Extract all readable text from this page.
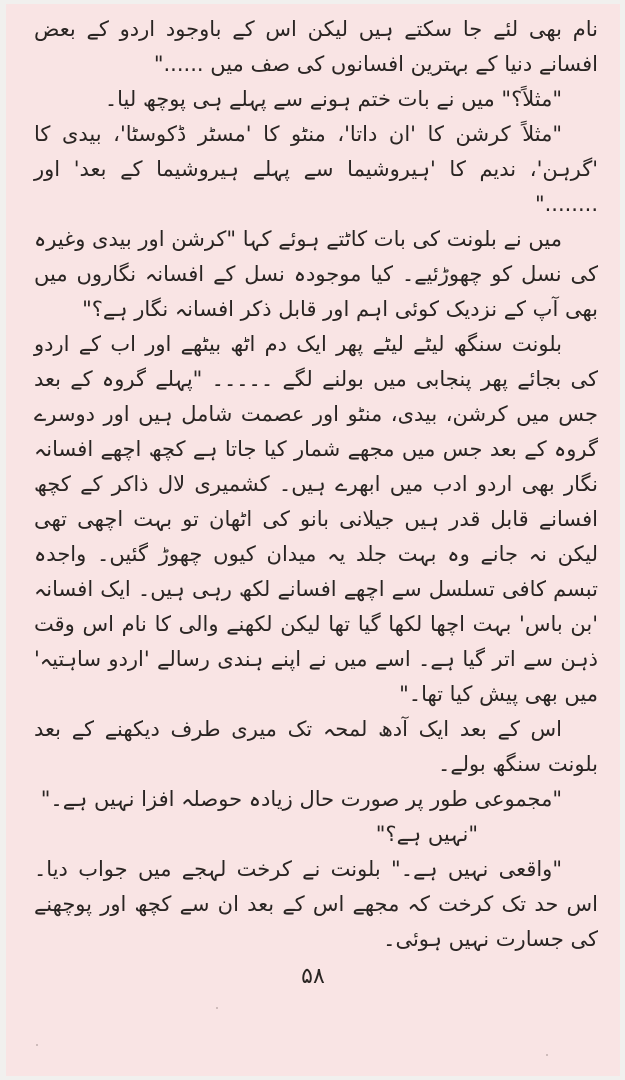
نام بھی لئے جا سکتے ہیں لیکن اس کے باوجود اردو کے بعض افسانے دنیا کے بہترین افسانوں کی صف میں ......"

"مثلاً؟" میں نے بات ختم ہونے سے پہلے ہی پوچھ لیا۔

"مثلاً کرشن کا 'ان داتا'، منٹو کا 'مسٹر ڈکوسٹا'، بیدی کا 'گرہن'، ندیم کا 'ہیروشیما سے پہلے ہیروشیما کے بعد' اور ........"

میں نے بلونت کی بات کاٹتے ہوئے کہا "کرشن اور بیدی وغیرہ کی نسل کو چھوڑئیے۔ کیا موجودہ نسل کے افسانہ نگاروں میں بھی آپ کے نزدیک کوئی اہم اور قابل ذکر افسانہ نگار ہے؟"

بلونت سنگھ لیٹے لیٹے پھر ایک دم اٹھ بیٹھے اور اب کے اردو کی بجائے پھر پنجابی میں بولنے لگے ۔۔۔۔۔ "پہلے گروہ کے بعد جس میں کرشن، بیدی، منٹو اور عصمت شامل ہیں اور دوسرے گروہ کے بعد جس میں مجھے شمار کیا جاتا ہے کچھ اچھے افسانہ نگار بھی اردو ادب میں ابھرے ہیں۔ کشمیری لال ذاکر کے کچھ افسانے قابل قدر ہیں جیلانی بانو کی اٹھان تو بہت اچھی تھی لیکن نہ جانے وہ بہت جلد یہ میدان کیوں چھوڑ گئیں۔ واجدہ تبسم کافی تسلسل سے اچھے افسانے لکھ رہی ہیں۔ ایک افسانہ 'بن باس' بہت اچھا لکھا گیا تھا لیکن لکھنے والی کا نام اس وقت ذہن سے اتر گیا ہے۔ اسے میں نے اپنے ہندی رسالے 'اردو ساہتیہ' میں بھی پیش کیا تھا۔"

اس کے بعد ایک آدھ لمحہ تک میری طرف دیکھنے کے بعد بلونت سنگھ بولے۔

"مجموعی طور پر صورت حال زیادہ حوصلہ افزا نہیں ہے۔"

"نہیں ہے؟"

"واقعی نہیں ہے۔" بلونت نے کرخت لہجے میں جواب دیا۔ اس حد تک کرخت کہ مجھے اس کے بعد ان سے کچھ اور پوچھنے کی جسارت نہیں ہوئی۔

۵۸
